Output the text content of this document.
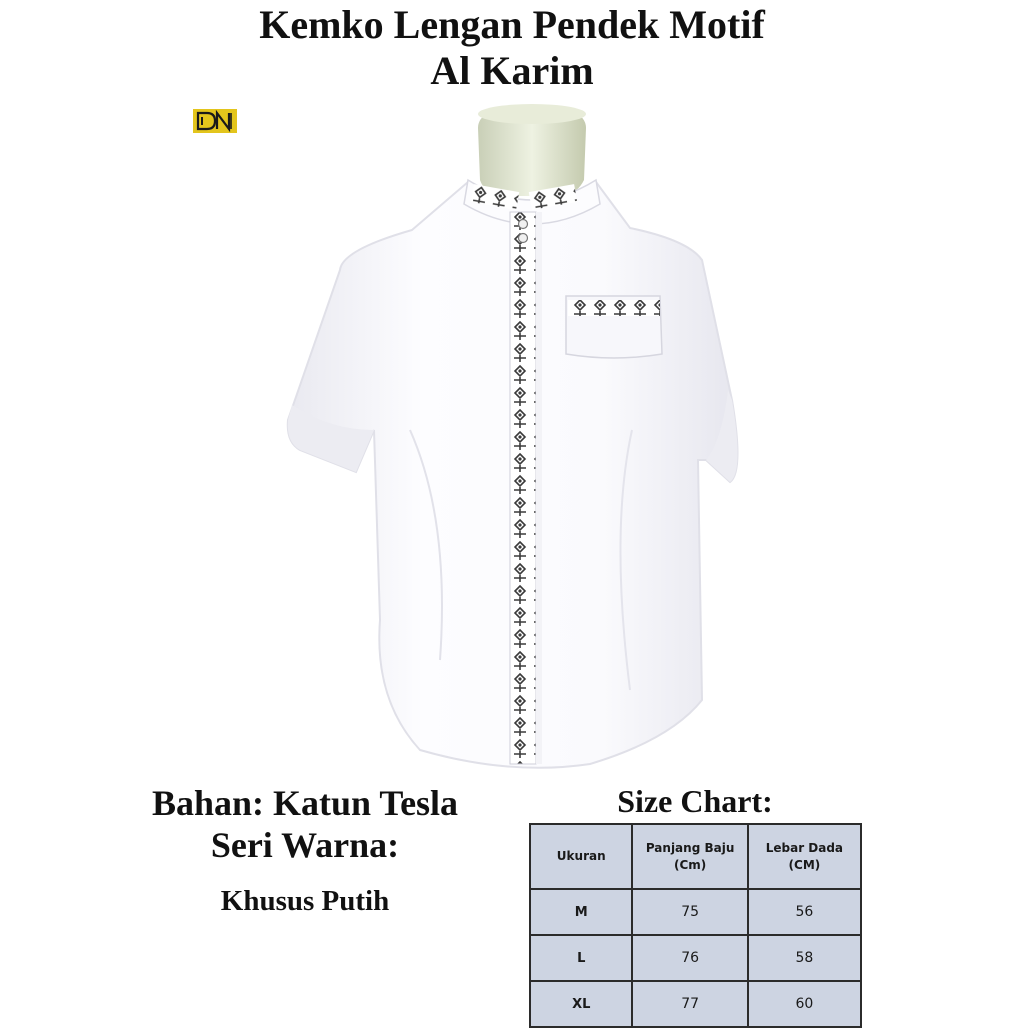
Kemko Lengan Pendek Motif
Al Karim
Bahan: Katun Tesla
Seri Warna:
Khusus Putih
Size Chart:
Ukuran	Panjang Baju (Cm)	Lebar Dada (CM)
M	75	56
L	76	58
XL	77	60
